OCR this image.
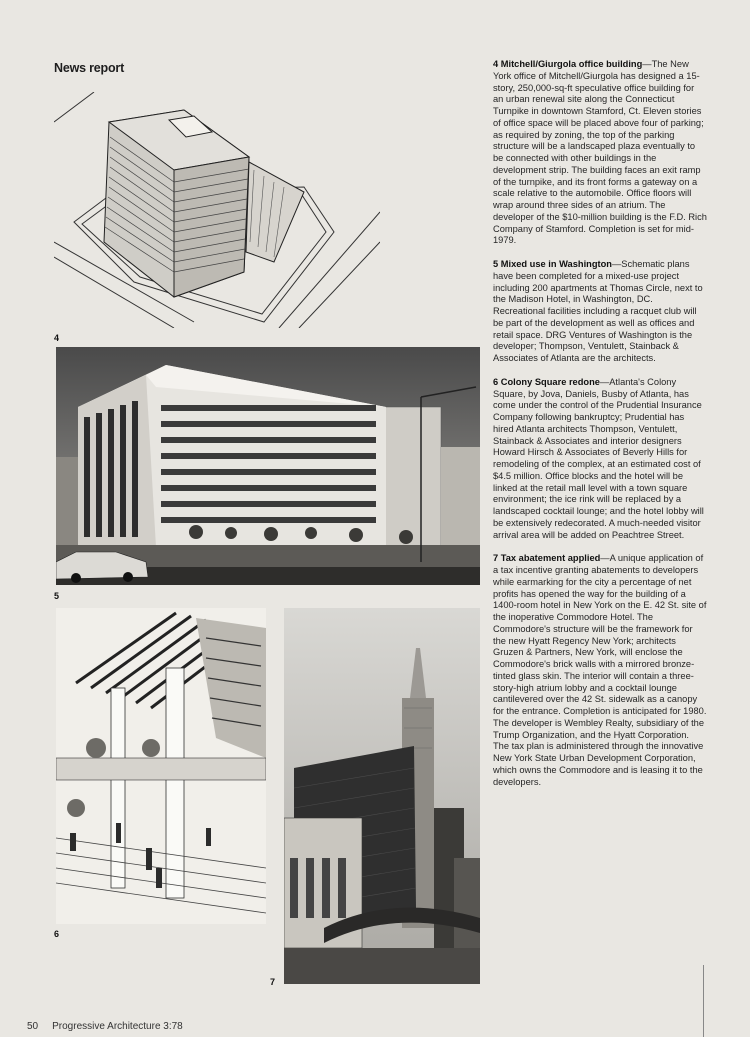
News report
4
5
6
7
4 Mitchell/Giurgola office building

—The New York office of Mitchell/Giurgola has designed a 15-story, 250,000-sq-ft speculative office building for an urban renewal site along the Connecticut Turnpike in downtown Stamford, Ct. Eleven stories of office space will be placed above four of parking; as required by zoning, the top of the parking structure will be a landscaped plaza eventually to be connected with other buildings in the development strip. The building faces an exit ramp of the turnpike, and its front forms a gateway on a scale relative to the automobile. Office floors will wrap around three sides of an atrium. The developer of the $10-million building is the F.D. Rich Company of Stamford. Completion is set for mid-1979.

5 Mixed use in Washington

—Schematic plans have been completed for a mixed-use project including 200 apartments at Thomas Circle, next to the Madison Hotel, in Washington, DC. Recreational facilities including a racquet club will be part of the development as well as offices and retail space. DRG Ventures of Washington is the developer; Thompson, Ventulett, Stainback & Associates of Atlanta are the architects.

6 Colony Square redone

—Atlanta's Colony Square, by Jova, Daniels, Busby of Atlanta, has come under the control of the Prudential Insurance Company following bankruptcy; Prudential has hired Atlanta architects Thompson, Ventulett, Stainback & Associates and interior designers Howard Hirsch & Associates of Beverly Hills for remodeling of the complex, at an estimated cost of $4.5 million. Office blocks and the hotel will be linked at the retail mall level with a town square environment; the ice rink will be replaced by a landscaped cocktail lounge; and the hotel lobby will be extensively redecorated. A much-needed visitor arrival area will be added on Peachtree Street.

7 Tax abatement applied

—A unique application of a tax incentive granting abatements to developers while earmarking for the city a percentage of net profits has opened the way for the building of a 1400-room hotel in New York on the E. 42 St. site of the inoperative Commodore Hotel. The Commodore's structure will be the framework for the new Hyatt Regency New York; architects Gruzen & Partners, New York, will enclose the Commodore's brick walls with a mirrored bronze-tinted glass skin. The interior will contain a three-story-high atrium lobby and a cocktail lounge cantilevered over the 42 St. sidewalk as a canopy for the entrance. Completion is anticipated for 1980. The developer is Wembley Realty, subsidiary of the Trump Organization, and the Hyatt Corporation. The tax plan is administered through the innovative New York State Urban Development Corporation, which owns the Commodore and is leasing it to the developers.

50 Progressive Architecture 3:78
